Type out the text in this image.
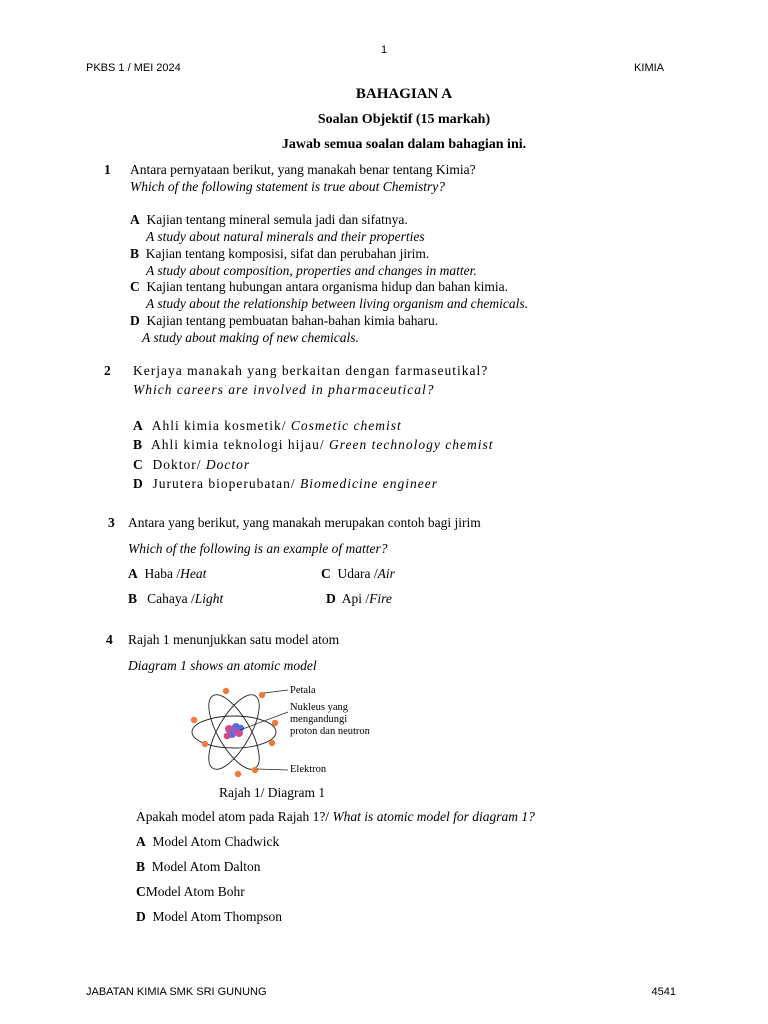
1
PKBS 1 / MEI 2024	KIMIA
BAHAGIAN A
Soalan Objektif (15 markah)
Jawab semua soalan dalam bahagian ini.
1 Antara pernyataan berikut, yang manakah benar tentang Kimia?
Which of the following statement is true about Chemistry?
A Kajian tentang mineral semula jadi dan sifatnya.
A study about natural minerals and their properties
B Kajian tentang komposisi, sifat dan perubahan jirim.
A study about composition, properties and changes in matter.
C Kajian tentang hubungan antara organisma hidup dan bahan kimia.
A study about the relationship between living organism and chemicals.
D Kajian tentang pembuatan bahan-bahan kimia baharu.
A study about making of new chemicals.
2 Kerjaya manakah yang berkaitan dengan farmaseutikal?
Which careers are involved in pharmaceutical?
A Ahli kimia kosmetik/ Cosmetic chemist
B Ahli kimia teknologi hijau/ Green technology chemist
C Doktor/ Doctor
D Jurutera bioperubatan/ Biomedicine engineer
3 Antara yang berikut, yang manakah merupakan contoh bagi jirim
Which of the following is an example of matter?
A Haba /Heat
B Cahaya /Light
C Udara /Air
D Api /Fire
4 Rajah 1 menunjukkan satu model atom
Diagram 1 shows an atomic model
Petala
Nukleus yang
mengandungi
proton dan neutron
Elektron
Rajah 1/ Diagram 1
Apakah model atom pada Rajah 1?/ What is atomic model for diagram 1?
A Model Atom Chadwick
B Model Atom Dalton
CModel Atom Bohr
D Model Atom Thompson
JABATAN KIMIA SMK SRI GUNUNG	4541
